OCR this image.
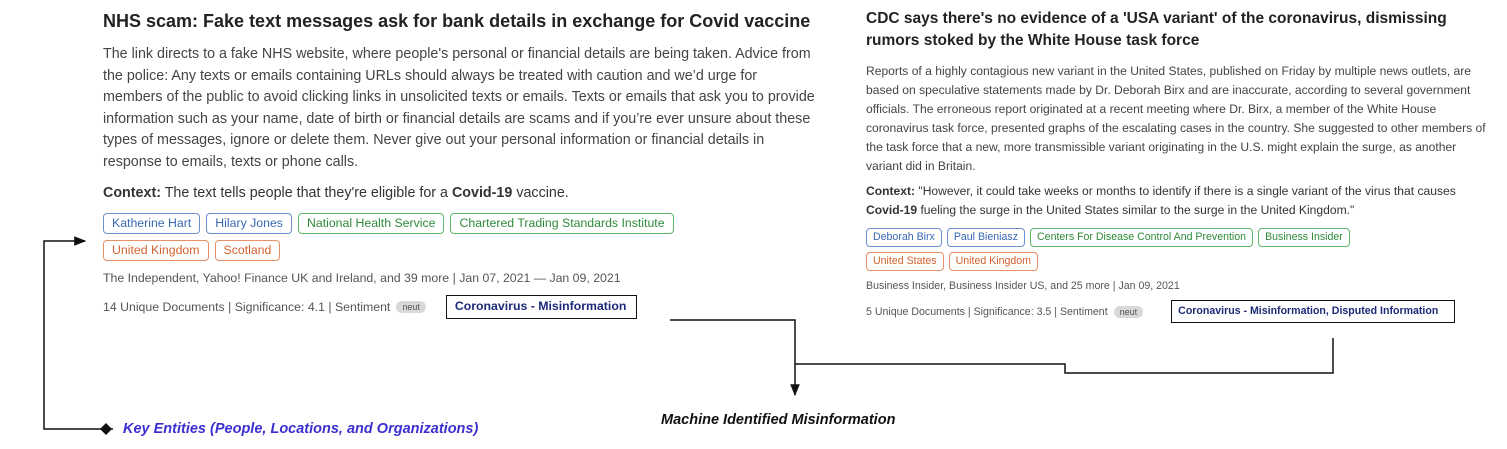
NHS scam: Fake text messages ask for bank details in exchange for Covid vaccine

The link directs to a fake NHS website, where people's personal or financial details are being taken. Advice from the police: Any texts or emails containing URLs should always be treated with caution and we’d urge for members of the public to avoid clicking links in unsolicited texts or emails. Texts or emails that ask you to provide information such as your name, date of birth or financial details are scams and if you’re ever unsure about these types of messages, ignore or delete them. Never give out your personal information or financial details in response to emails, texts or phone calls.

Context: The text tells people that they're eligible for a Covid-19 vaccine.

Katherine Hart	Hilary Jones	National Health Service	Chartered Trading Standards Institute
United Kingdom	Scotland

The Independent, Yahoo! Finance UK and Ireland, and 39 more | Jan 07, 2021 — Jan 09, 2021

14 Unique Documents | Significance: 4.1 | Sentiment	neut	Coronavirus - Misinformation

CDC says there's no evidence of a 'USA variant' of the coronavirus, dismissing rumors stoked by the White House task force

Reports of a highly contagious new variant in the United States, published on Friday by multiple news outlets, are based on speculative statements made by Dr. Deborah Birx and are inaccurate, according to several government officials. The erroneous report originated at a recent meeting where Dr. Birx, a member of the White House coronavirus task force, presented graphs of the escalating cases in the country. She suggested to other members of the task force that a new, more transmissible variant originating in the U.S. might explain the surge, as another variant did in Britain.

Context: "However, it could take weeks or months to identify if there is a single variant of the virus that causes Covid-19 fueling the surge in the United States similar to the surge in the United Kingdom."

Deborah Birx	Paul Bieniasz	Centers For Disease Control And Prevention	Business Insider
United States	United Kingdom

Business Insider, Business Insider US, and 25 more | Jan 09, 2021

5 Unique Documents | Significance: 3.5 | Sentiment	neut	Coronavirus - Misinformation, Disputed Information
Key Entities (People, Locations, and Organizations)
Machine Identified Misinformation
